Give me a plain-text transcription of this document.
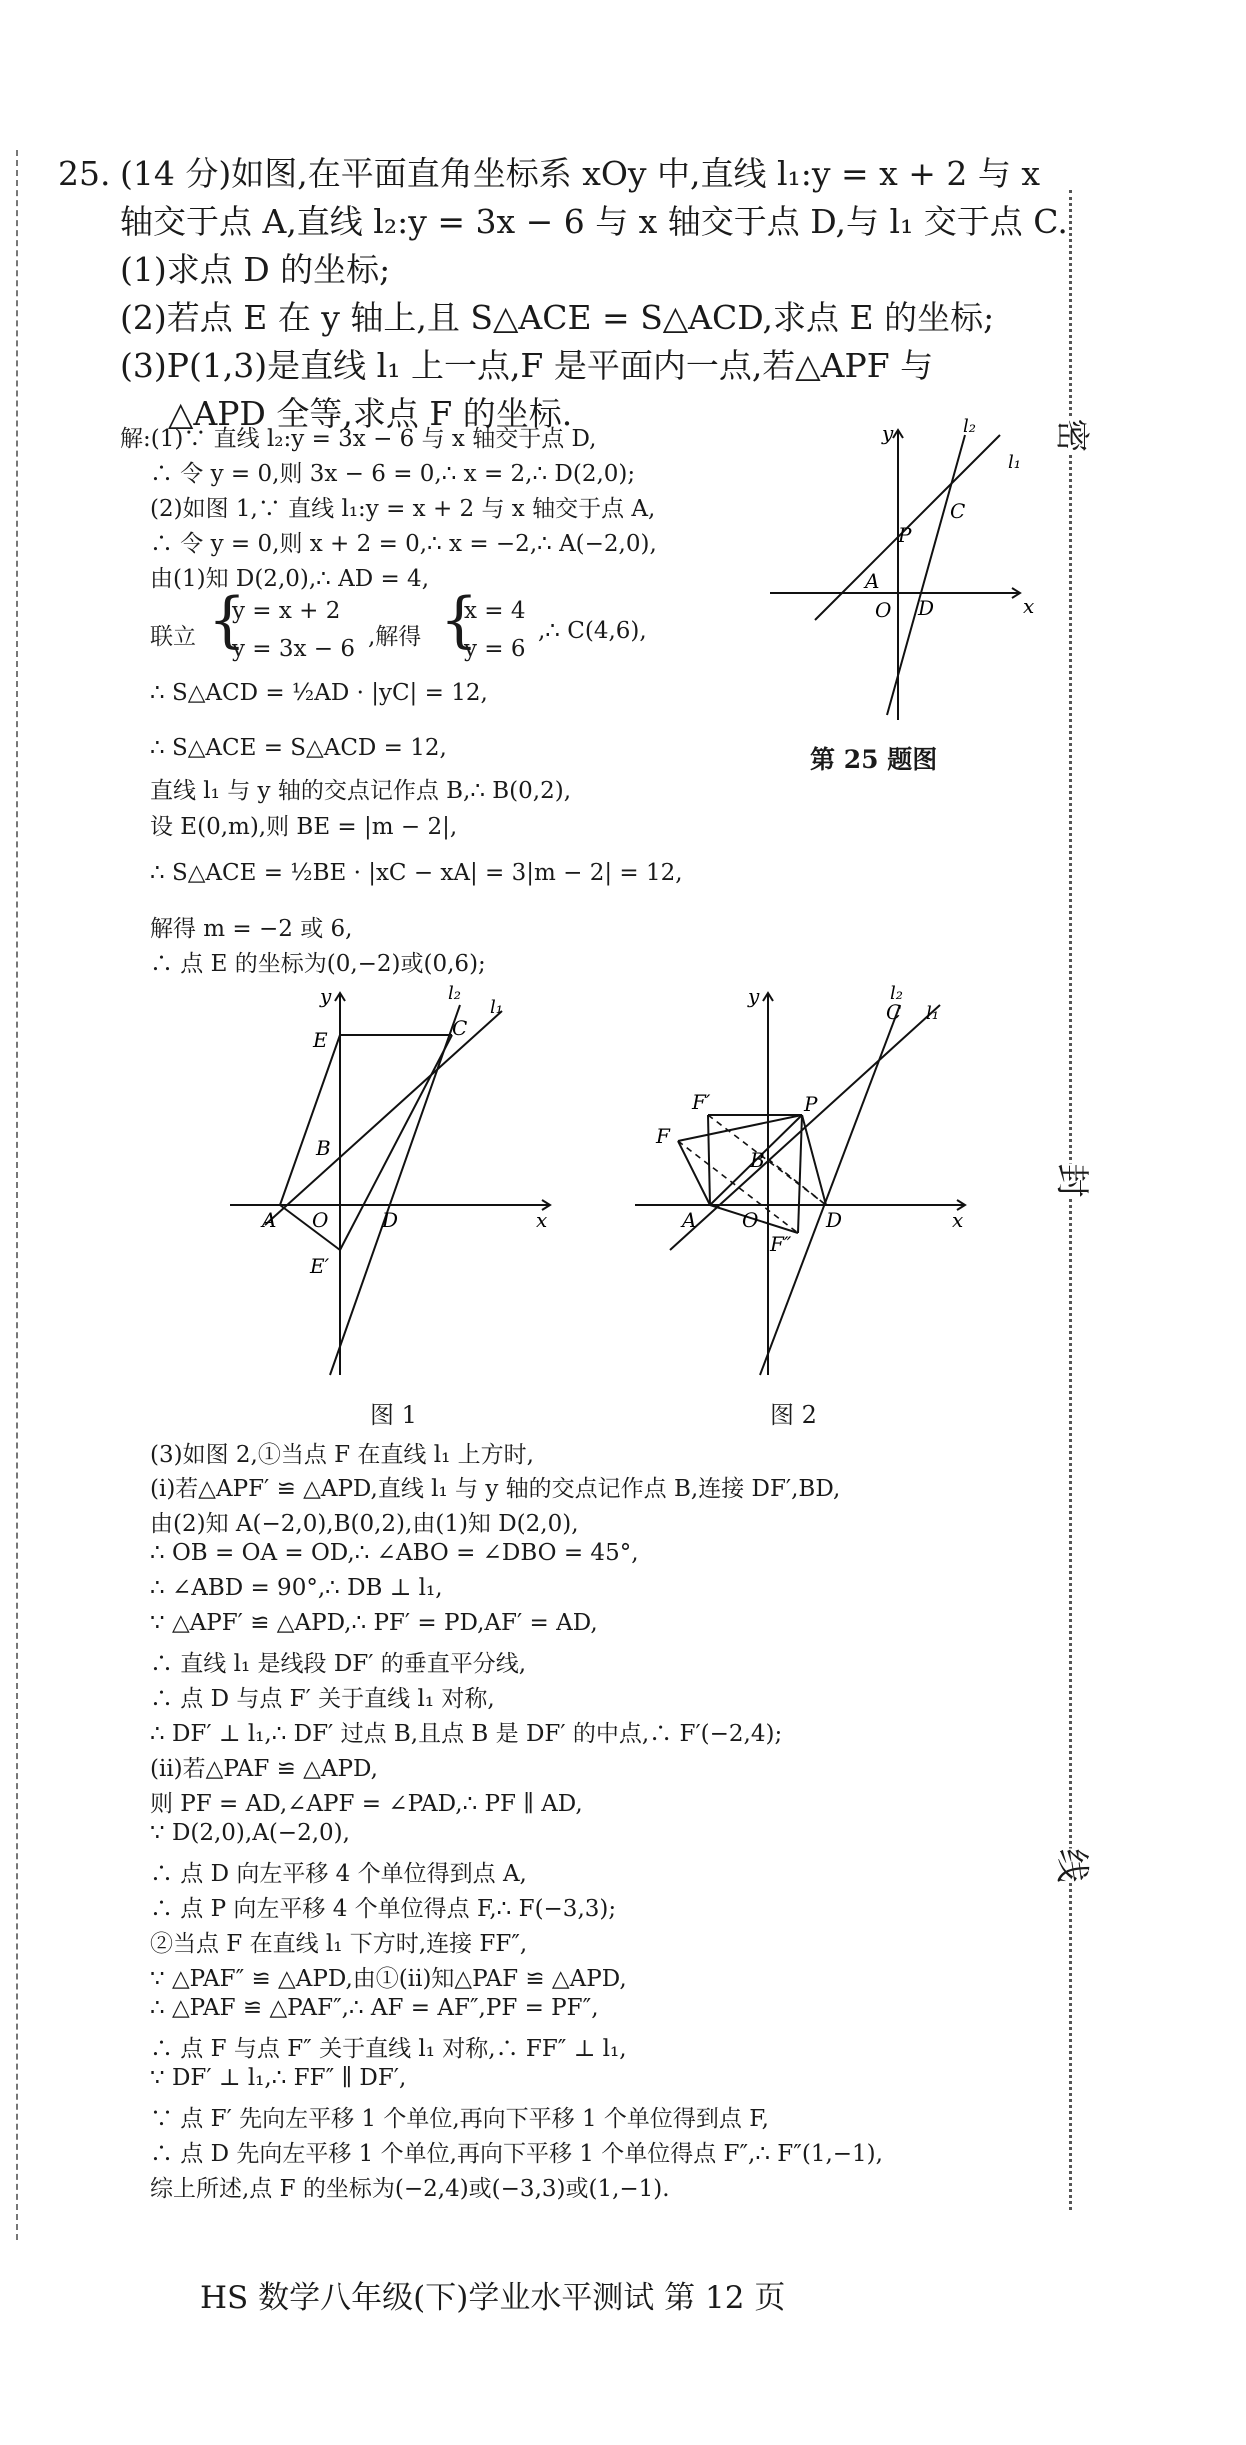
密
封
线
25. (14 分)如图,在平面直角坐标系 xOy 中,直线 l₁:y = x + 2 与 x
轴交于点 A,直线 l₂:y = 3x − 6 与 x 轴交于点 D,与 l₁ 交于点 C.
(1)求点 D 的坐标;
(2)若点 E 在 y 轴上,且 S△ACE = S△ACD,求点 E 的坐标;
(3)P(1,3)是直线 l₁ 上一点,F 是平面内一点,若△APF 与
△APD 全等,求点 F 的坐标.
解:(1)∵ 直线 l₂:y = 3x − 6 与 x 轴交于点 D,
∴ 令 y = 0,则 3x − 6 = 0,∴ x = 2,∴ D(2,0);
(2)如图 1,∵ 直线 l₁:y = x + 2 与 x 轴交于点 A,
∴ 令 y = 0,则 x + 2 = 0,∴ x = −2,∴ A(−2,0),
由(1)知 D(2,0),∴ AD = 4,
联立 {
y = x + 2
y = 3x − 6 ,解得 {
x = 4
y = 6
,∴ C(4,6),
∴ S△ACD = ½AD · |yC| = 12,
∴ S△ACE = S△ACD = 12,
直线 l₁ 与 y 轴的交点记作点 B,∴ B(0,2),
设 E(0,m),则 BE = |m − 2|,
∴ S△ACE = ½BE · |xC − xA| = 3|m − 2| = 12,
解得 m = −2 或 6,
∴ 点 E 的坐标为(0,−2)或(0,6);
A
O D
P
C
y
x
l₁
l₂
第 25 题图
E	C
B
A O	D
E′
y
x
l₁
l₂
图 1
F′
F
P
B
A O	D
F″
C
y
x
l₁
l₂
图 2
(3)如图 2,①当点 F 在直线 l₁ 上方时,
(i)若△APF′ ≌ △APD,直线 l₁ 与 y 轴的交点记作点 B,连接 DF′,BD,
由(2)知 A(−2,0),B(0,2),由(1)知 D(2,0),
∴ OB = OA = OD,∴ ∠ABO = ∠DBO = 45°,
∴ ∠ABD = 90°,∴ DB ⊥ l₁,
∵ △APF′ ≌ △APD,∴ PF′ = PD,AF′ = AD,
∴ 直线 l₁ 是线段 DF′ 的垂直平分线,
∴ 点 D 与点 F′ 关于直线 l₁ 对称,
∴ DF′ ⊥ l₁,∴ DF′ 过点 B,且点 B 是 DF′ 的中点,∴ F′(−2,4);
(ii)若△PAF ≌ △APD,
则 PF = AD,∠APF = ∠PAD,∴ PF ∥ AD,
∵ D(2,0),A(−2,0),
∴ 点 D 向左平移 4 个单位得到点 A,
∴ 点 P 向左平移 4 个单位得点 F,∴ F(−3,3);
②当点 F 在直线 l₁ 下方时,连接 FF″,
∵ △PAF″ ≌ △APD,由①(ii)知△PAF ≌ △APD,
∴ △PAF ≌ △PAF″,∴ AF = AF″,PF = PF″,
∴ 点 F 与点 F″ 关于直线 l₁ 对称,∴ FF″ ⊥ l₁,
∵ DF′ ⊥ l₁,∴ FF″ ∥ DF′,
∵ 点 F′ 先向左平移 1 个单位,再向下平移 1 个单位得到点 F,
∴ 点 D 先向左平移 1 个单位,再向下平移 1 个单位得点 F″,∴ F″(1,−1),
综上所述,点 F 的坐标为(−2,4)或(−3,3)或(1,−1).
HS 数学八年级(下)学业水平测试 第 12 页
